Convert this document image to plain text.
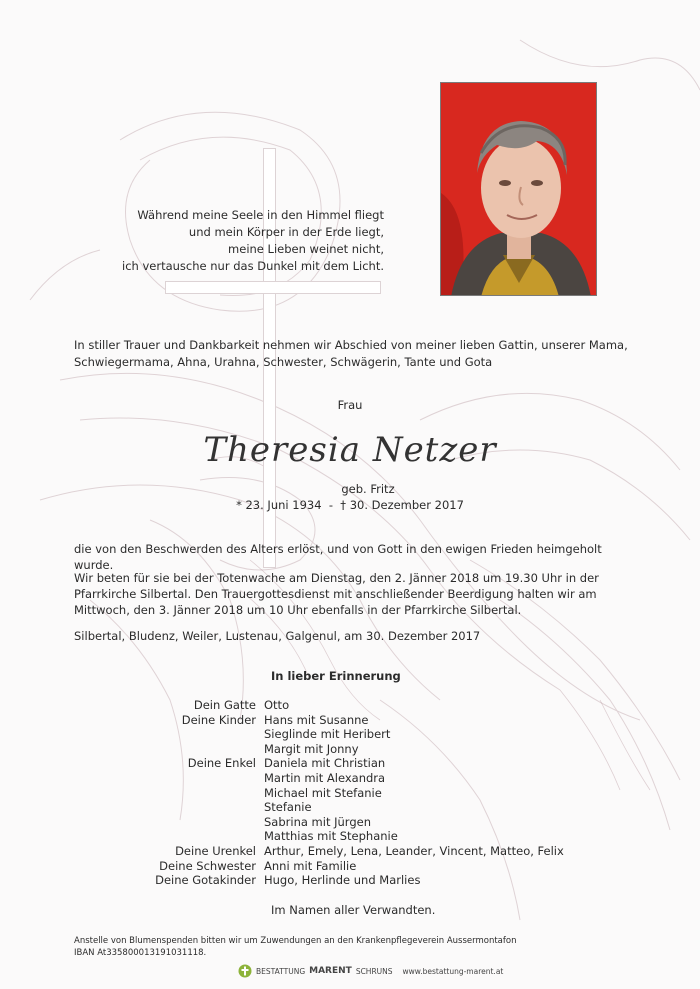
Während meine Seele in den Himmel fliegt
und mein Körper in der Erde liegt,
meine Lieben weinet nicht,
ich vertausche nur das Dunkel mit dem Licht.
In stiller Trauer und Dankbarkeit nehmen wir Abschied von meiner lieben Gattin, unserer Mama, Schwiegermama, Ahna, Urahna, Schwester, Schwägerin, Tante und Gota
Frau
Theresia Netzer
geb. Fritz
* 23. Juni 1934  -  † 30. Dezember 2017
die von den Beschwerden des Alters erlöst, und von Gott in den ewigen Frieden heimgeholt wurde.
Wir beten für sie bei der Totenwache am Dienstag, den 2. Jänner 2018 um 19.30 Uhr in der Pfarrkirche Silbertal. Den Trauergottesdienst mit anschließender Beerdigung halten wir am Mittwoch, den 3. Jänner 2018 um 10 Uhr ebenfalls in der Pfarrkirche Silbertal.
Silbertal, Bludenz, Weiler, Lustenau, Galgenul, am 30. Dezember 2017
In lieber Erinnerung
Dein Gatte Otto
Deine Kinder Hans mit Susanne
Sieglinde mit Heribert
Margit mit Jonny
Deine Enkel Daniela mit Christian
Martin mit Alexandra
Michael mit Stefanie
Stefanie
Sabrina mit Jürgen
Matthias mit Stephanie
Deine Urenkel Arthur, Emely, Lena, Leander, Vincent, Matteo, Felix
Deine Schwester Anni mit Familie
Deine Gotakinder Hugo, Herlinde und Marlies
Im Namen aller Verwandten.
Anstelle von Blumenspenden bitten wir um Zuwendungen an den Krankenpflegeverein Aussermontafon
IBAN At335800013191031118.
BESTATTUNG MARENT SCHRUNS www.bestattung-marent.at
